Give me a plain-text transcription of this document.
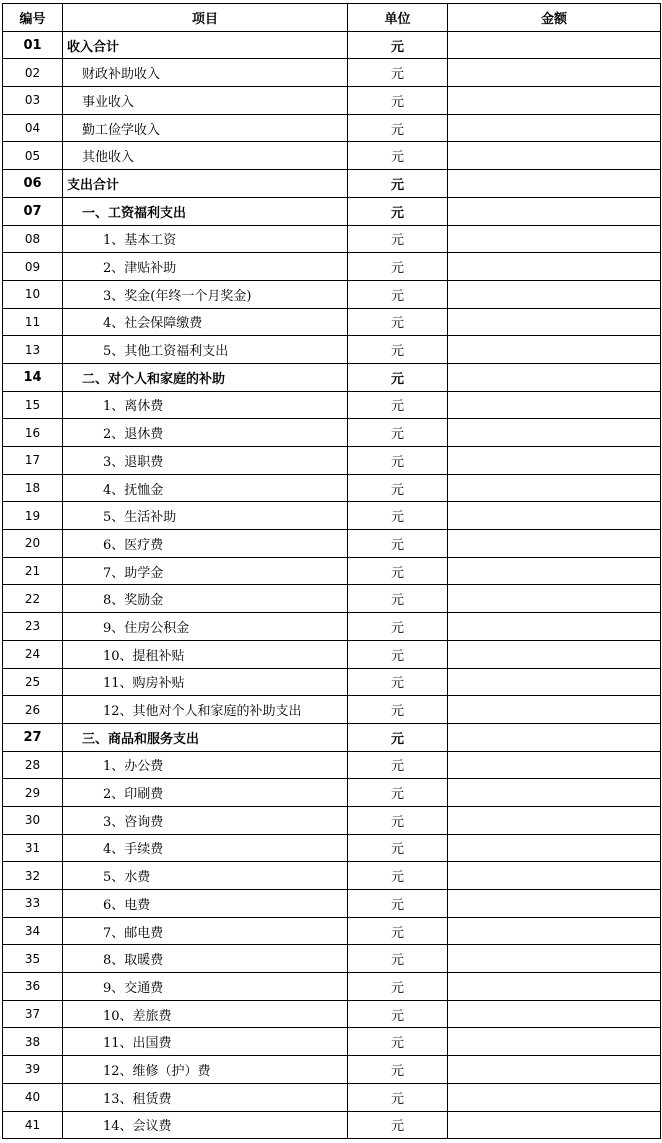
编号	项目	单位	金额
01	收入合计	元	
02	财政补助收入	元	
03	事业收入	元	
04	勤工俭学收入	元	
05	其他收入	元	
06	支出合计	元	
07	一、工资福利支出	元	
08	1、基本工资	元	
09	2、津贴补助	元	
10	3、奖金(年终一个月奖金)	元	
11	4、社会保障缴费	元	
13	5、其他工资福利支出	元	
14	二、对个人和家庭的补助	元	
15	1、离休费	元	
16	2、退休费	元	
17	3、退职费	元	
18	4、抚恤金	元	
19	5、生活补助	元	
20	6、医疗费	元	
21	7、助学金	元	
22	8、奖励金	元	
23	9、住房公积金	元	
24	10、提租补贴	元	
25	11、购房补贴	元	
26	12、其他对个人和家庭的补助支出	元	
27	三、商品和服务支出	元	
28	1、办公费	元	
29	2、印刷费	元	
30	3、咨询费	元	
31	4、手续费	元	
32	5、水费	元	
33	6、电费	元	
34	7、邮电费	元	
35	8、取暖费	元	
36	9、交通费	元	
37	10、差旅费	元	
38	11、出国费	元	
39	12、维修（护）费	元	
40	13、租赁费	元	
41	14、会议费	元	
